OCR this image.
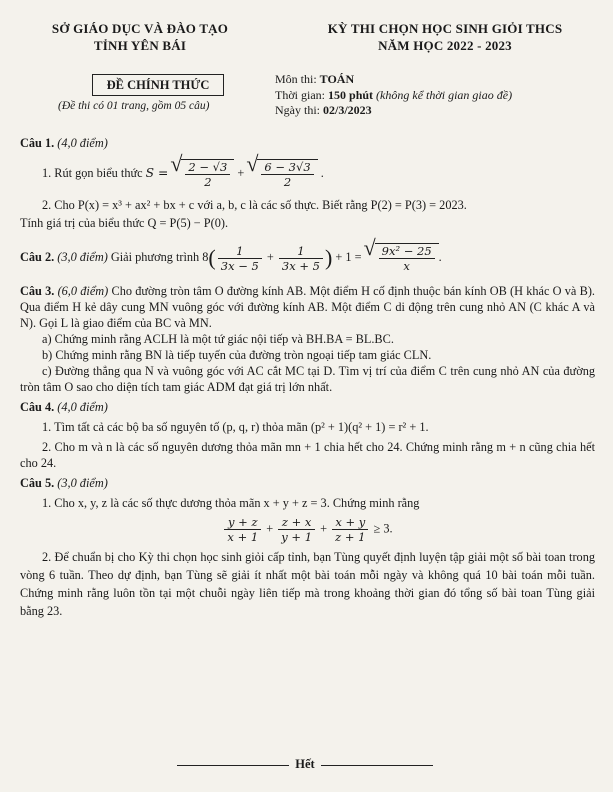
SỞ GIÁO DỤC VÀ ĐÀO TẠO
TỈNH YÊN BÁI
KỲ THI CHỌN HỌC SINH GIỎI THCS
NĂM HỌC 2022 - 2023
ĐỀ CHÍNH THỨC
(Đề thi có 01 trang, gồm 05 câu)
Môn thi: TOÁN
Thời gian: 150 phút (không kể thời gian giao đề)
Ngày thi: 02/3/2023

Câu 1. (4,0 điểm)

1. Rút gọn biểu thức S = √ $\frac{2 - √3}{2}$ + √ $\frac{6 - 3√3}{2}$ .

2. Cho P(x) = x³ + ax² + bx + c với a, b, c là các số thực. Biết rằng P(2) = P(3) = 2023.

Tính giá trị của biểu thức Q = P(5) − P(0).

Câu 2. (3,0 điểm) Giải phương trình $8( \frac{1}{3x - 5} + \frac{1}{3x + 5}$ ) + 1 = √ $\frac{\text{9x² − 25}}{x}$ .

Câu 3. (6,0 điểm) Cho đường tròn tâm O đường kính AB. Một điểm H cố định thuộc bán kính OB (H khác O và B). Qua điểm H kẻ dây cung MN vuông góc với đường kính AB. Một điểm C di động trên cung nhỏ AN (C khác A và N). Gọi L là giao điểm của BC và MN.

a) Chứng minh rằng ACLH là một tứ giác nội tiếp và BH.BA = BL.BC.

b) Chứng minh rằng BN là tiếp tuyến của đường tròn ngoại tiếp tam giác CLN.

c) Đường thẳng qua N và vuông góc với AC cắt MC tại D. Tìm vị trí của điểm C trên cung nhỏ AN của đường tròn tâm O sao cho diện tích tam giác ADM đạt giá trị lớn nhất.

Câu 4. (4,0 điểm)

1. Tìm tất cả các bộ ba số nguyên tố (p, q, r) thỏa mãn (p² + 1)(q² + 1) = r² + 1.

2. Cho m và n là các số nguyên dương thỏa mãn mn + 1 chia hết cho 24. Chứng minh rằng m + n cũng chia hết cho 24.

Câu 5. (3,0 điểm)

1. Cho x, y, z là các số thực dương thỏa mãn x + y + z = 3. Chứng minh rằng

$\frac{y + z}{x + 1} + \frac{z + x}{y + 1} + \frac{x + y}{z + 1} \ge 3$.

2. Để chuẩn bị cho Kỳ thi chọn học sinh giỏi cấp tỉnh, bạn Tùng quyết định luyện tập giải một số bài toan trong vòng 6 tuần. Theo dự định, bạn Tùng sẽ giải ít nhất một bài toán mỗi ngày và không quá 10 bài toán mỗi tuần. Chứng minh rằng luôn tồn tại một chuỗi ngày liên tiếp mà trong khoảng thời gian đó tổng số bài toan Tùng giải bằng 23.

Hết
